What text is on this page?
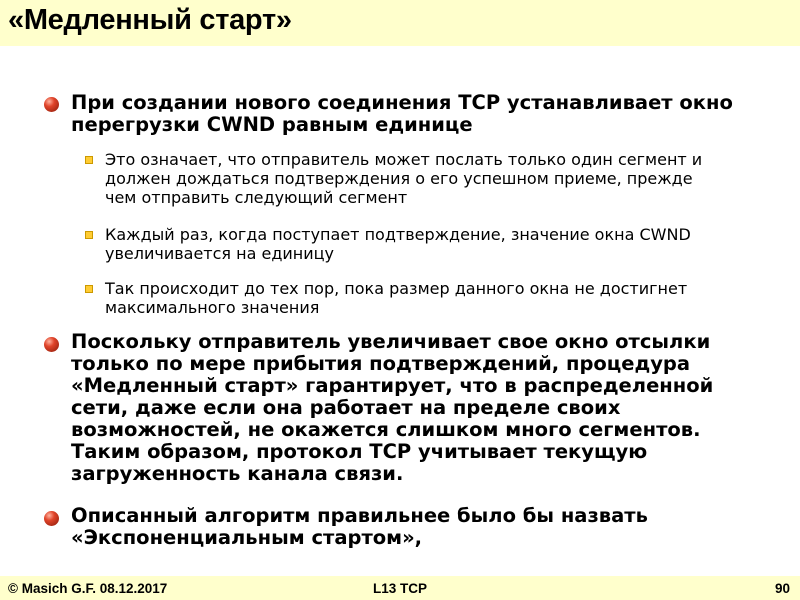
«Медленный старт»
При создании нового соединения TCP устанавливает окно
перегрузки CWND равным единице
Это означает, что отправитель может послать только один сегмент и
должен дождаться подтверждения о его успешном приеме, прежде
чем отправить следующий сегмент
Каждый раз, когда поступает подтверждение, значение окна CWND
увеличивается на единицу
Так происходит до тех пор, пока размер данного окна не достигнет
максимального значения
Поскольку отправитель увеличивает свое окно отсылки
только по мере прибытия подтверждений, процедура
«Медленный старт» гарантирует, что в распределенной
сети, даже если она работает на пределе своих
возможностей, не окажется слишком много сегментов.
Таким образом, протокол TCP учитывает текущую
загруженность канала связи.
Описанный алгоритм правильнее было бы назвать
«Экспоненциальным стартом»,
© Masich G.F. 08.12.2017	L13 TCP	90
